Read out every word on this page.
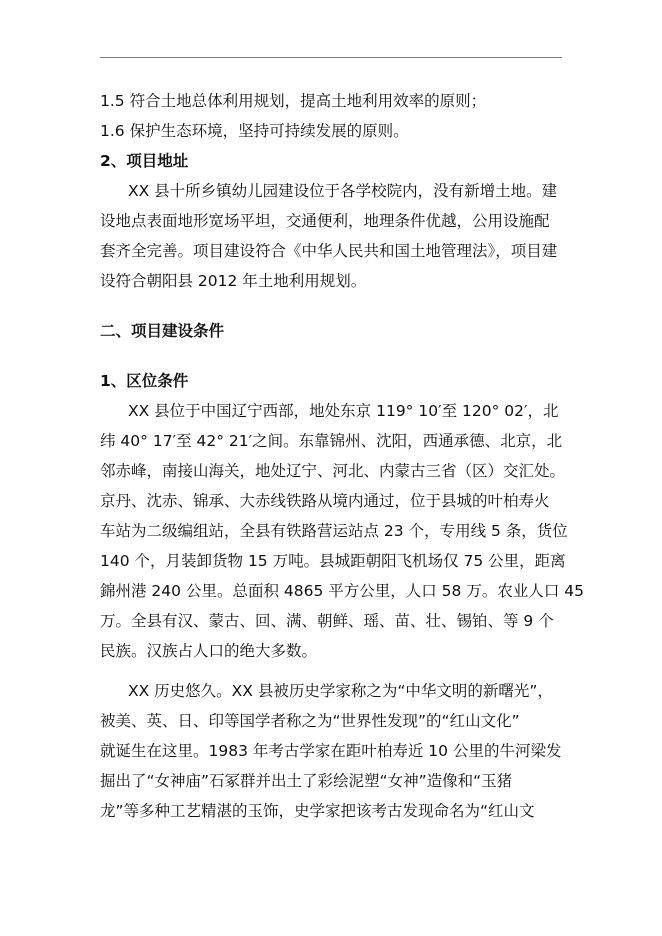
1.5 符合土地总体利用规划，提高土地利用效率的原则；
1.6 保护生态环境，坚持可持续发展的原则。
2、项目地址
XX 县十所乡镇幼儿园建设位于各学校院内，没有新增土地。建
设地点表面地形宽场平坦，交通便利，地理条件优越，公用设施配
套齐全完善。项目建设符合《中华人民共和国土地管理法》，项目建
设符合朝阳县 2012 年土地利用规划。
二、项目建设条件
1、区位条件
XX 县位于中国辽宁西部，地处东京 119° 10′至 120° 02′，北
纬 40° 17′至 42° 21′之间。东靠锦州、沈阳，西通承德、北京，北
邻赤峰，南接山海关，地处辽宁、河北、内蒙古三省（区）交汇处。
京丹、沈赤、锦承、大赤线铁路从境内通过，位于县城的叶柏寿火
车站为二级编组站，全县有铁路营运站点 23 个，专用线 5 条，货位
140 个，月装卸货物 15 万吨。县城距朝阳飞机场仅 75 公里，距离
錦州港 240 公里。总面积 4865 平方公里，人口 58 万。农业人口 45
万。全县有汉、蒙古、回、满、朝鲜、瑶、苗、壮、锡铂、等 9 个
民族。汉族占人口的绝大多数。
XX 历史悠久。XX 县被历史学家称之为“中华文明的新曙光”，
被美、英、日、印等国学者称之为“世界性发现”的“红山文化”
就诞生在这里。1983 年考古学家在距叶柏寿近 10 公里的牛河梁发
掘出了“女神庙”石冢群并出土了彩绘泥塑“女神”造像和“玉猪
龙”等多种工艺精湛的玉饰，史学家把该考古发现命名为“红山文
